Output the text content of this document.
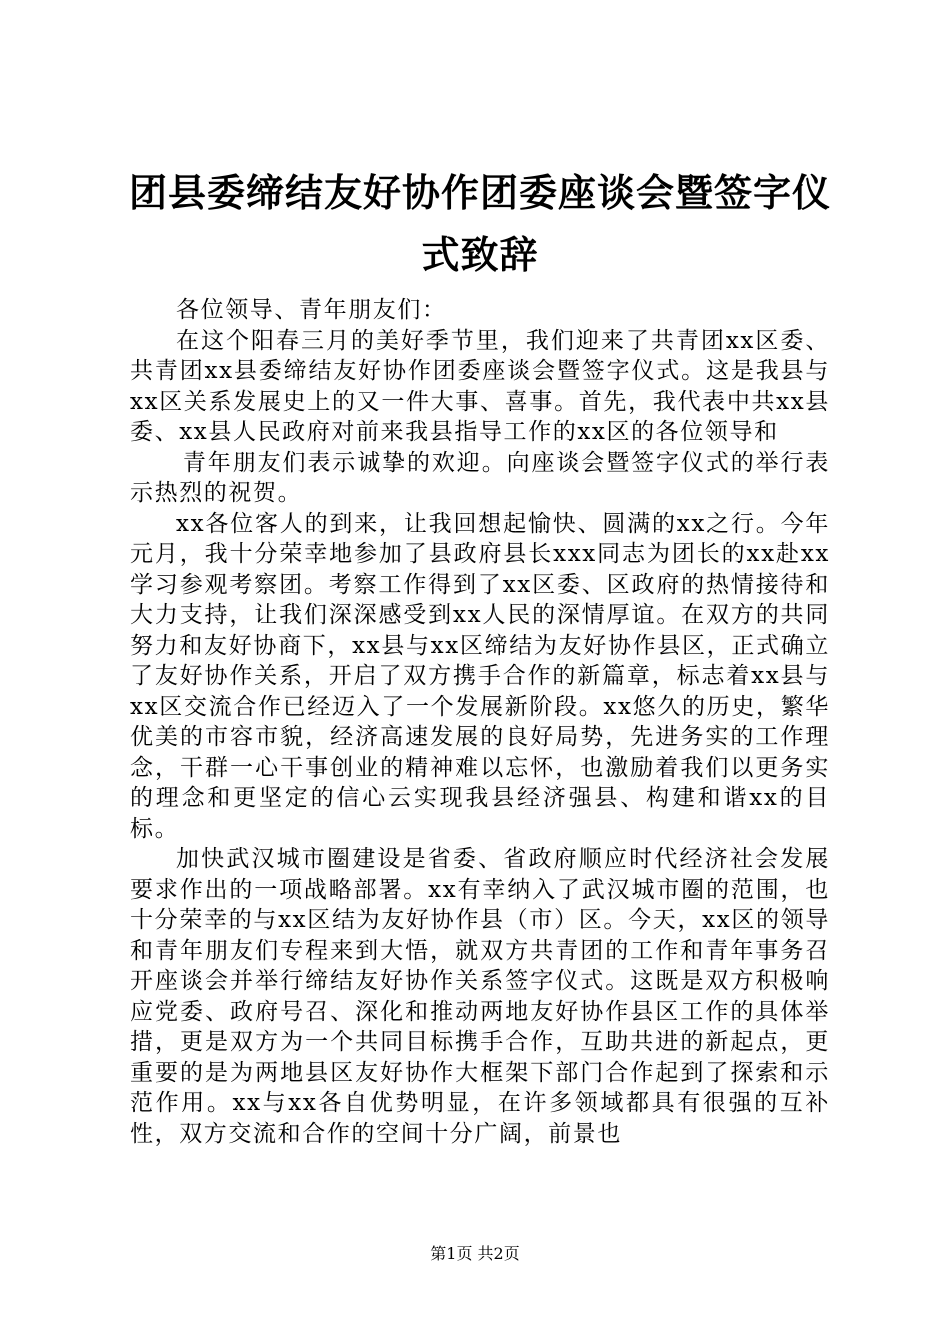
团县委缔结友好协作团委座谈会暨签字仪式致辞

各位领导、青年朋友们：

在这个阳春三月的美好季节里，我们迎来了共青团xx区委、共青团xx县委缔结友好协作团委座谈会暨签字仪式。这是我县与xx区关系发展史上的又一件大事、喜事。首先，我代表中共xx县委、xx县人民政府对前来我县指导工作的xx区的各位领导和

青年朋友们表示诚挚的欢迎。向座谈会暨签字仪式的举行表示热烈的祝贺。

xx各位客人的到来，让我回想起愉快、圆满的xx之行。今年元月，我十分荣幸地参加了县政府县长xxx同志为团长的xx赴xx学习参观考察团。考察工作得到了xx区委、区政府的热情接待和大力支持，让我们深深感受到xx人民的深情厚谊。在双方的共同努力和友好协商下，xx县与xx区缔结为友好协作县区，正式确立了友好协作关系，开启了双方携手合作的新篇章，标志着xx县与xx区交流合作已经迈入了一个发展新阶段。xx悠久的历史，繁华优美的市容市貌，经济高速发展的良好局势，先进务实的工作理念，干群一心干事创业的精神难以忘怀，也激励着我们以更务实的理念和更坚定的信心云实现我县经济强县、构建和谐xx的目标。

加快武汉城市圈建设是省委、省政府顺应时代经济社会发展要求作出的一项战略部署。xx有幸纳入了武汉城市圈的范围，也十分荣幸的与xx区结为友好协作县（市）区。今天，xx区的领导和青年朋友们专程来到大悟，就双方共青团的工作和青年事务召开座谈会并举行缔结友好协作关系签字仪式。这既是双方积极响应党委、政府号召、深化和推动两地友好协作县区工作的具体举措，更是双方为一个共同目标携手合作，互助共进的新起点，更重要的是为两地县区友好协作大框架下部门合作起到了探索和示范作用。xx与xx各自优势明显，在许多领域都具有很强的互补性，双方交流和合作的空间十分广阔，前景也

第1页 共2页
